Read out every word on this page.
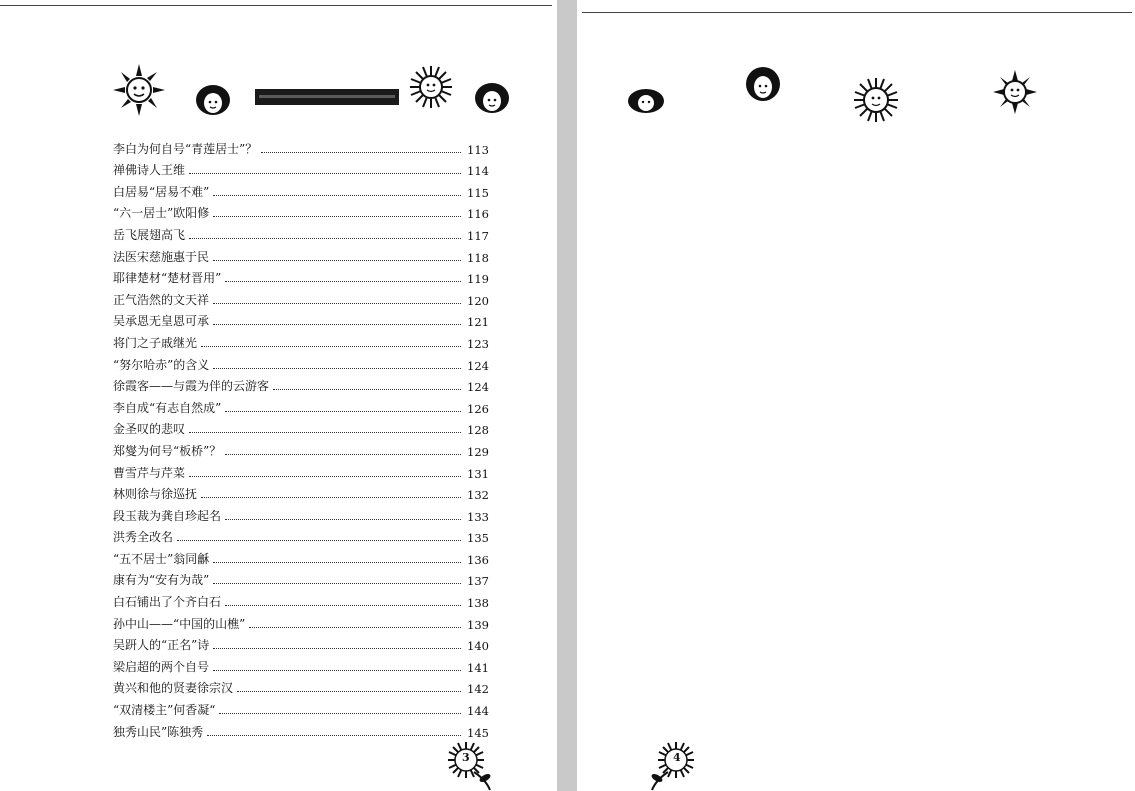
李白为何自号“青莲居士”？	113
禅佛诗人王维	114
白居易“居易不难”	115
“六一居士”欧阳修	116
岳飞展翅高飞	117
法医宋慈施惠于民	118
耶律楚材“楚材晋用”	119
正气浩然的文天祥	120
吴承恩无皇恩可承	121
将门之子戚继光	123
“努尔哈赤”的含义	124
徐霞客——与霞为伴的云游客	124
李自成“有志自然成”	126
金圣叹的悲叹	128
郑燮为何号“板桥”？	129
曹雪芹与芹菜	131
林则徐与徐巡抚	132
段玉裁为龚自珍起名	133
洪秀全改名	135
“五不居士”翁同龢	136
康有为“安有为哉”	137
白石铺出了个齐白石	138
孙中山——“中国的山樵”	139
吴趼人的“正名”诗	140
梁启超的两个自号	141
黄兴和他的贤妻徐宗汉	142
“双清楼主”何香凝“	144
独秀山民”陈独秀	145
3	4
